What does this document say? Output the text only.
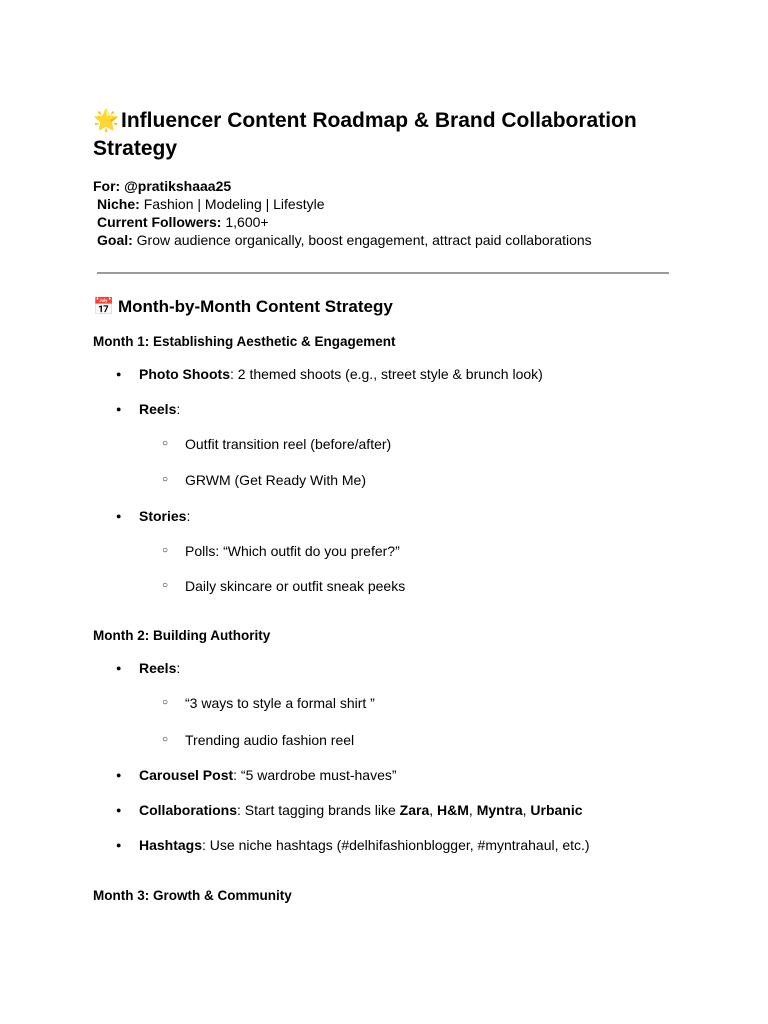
🌟Influencer Content Roadmap & Brand Collaboration Strategy
For: @pratikshaaa25
Niche: Fashion | Modeling | Lifestyle
Current Followers: 1,600+
Goal: Grow audience organically, boost engagement, attract paid collaborations
📅 Month-by-Month Content Strategy
Month 1: Establishing Aesthetic & Engagement
● Photo Shoots: 2 themed shoots (e.g., street style & brunch look)
● Reels:
○ Outfit transition reel (before/after)
○ GRWM (Get Ready With Me)
● Stories:
○ Polls: “Which outfit do you prefer?”
○ Daily skincare or outfit sneak peeks
Month 2: Building Authority
● Reels:
○ “3 ways to style a formal shirt ”
○ Trending audio fashion reel
● Carousel Post: “5 wardrobe must-haves”
● Collaborations: Start tagging brands like Zara, H&M, Myntra, Urbanic
● Hashtags: Use niche hashtags (#delhifashionblogger, #myntrahaul, etc.)
Month 3: Growth & Community
